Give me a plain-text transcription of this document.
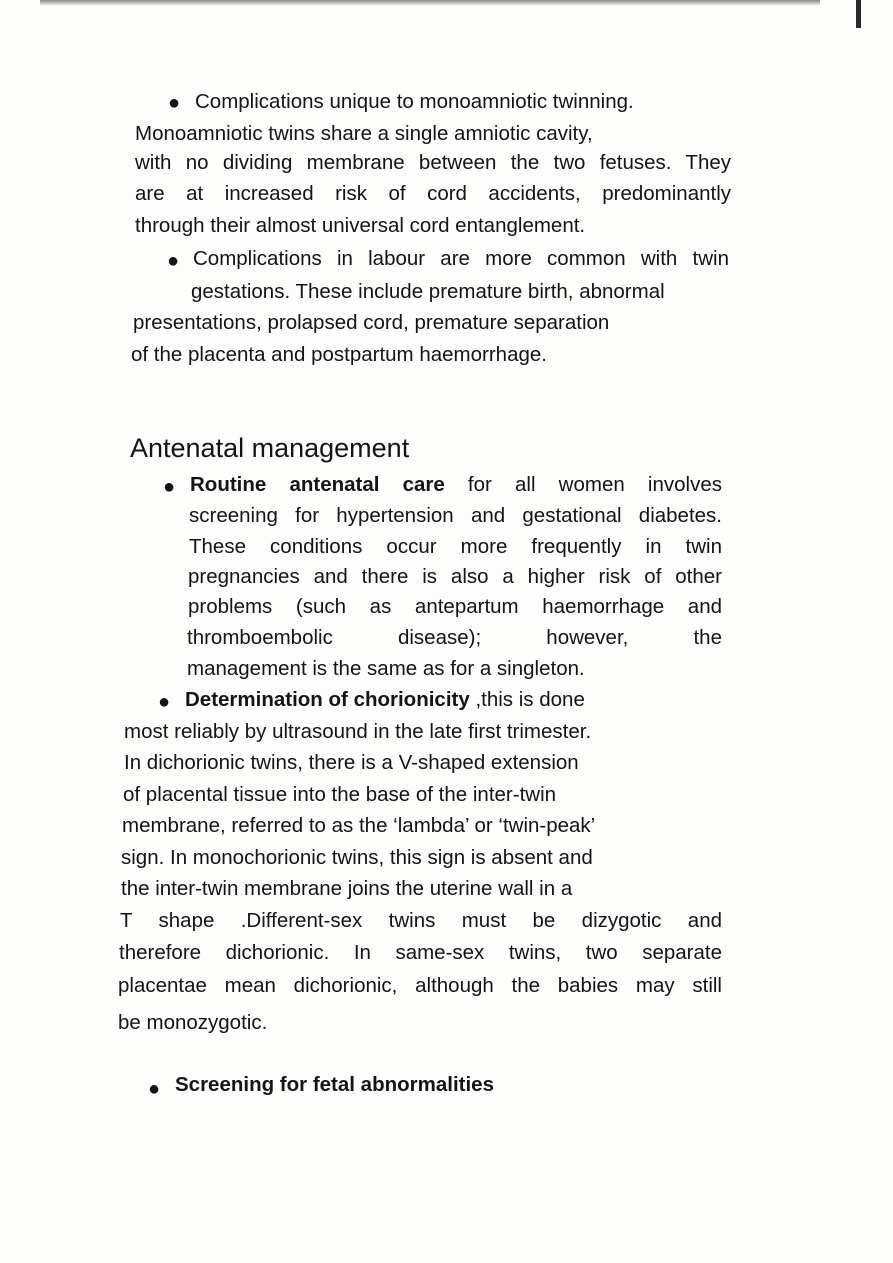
● Complications unique to monoamniotic twinning.

Monoamniotic twins share a single amniotic cavity,

with no dividing membrane between the two fetuses. They

are at increased risk of cord accidents, predominantly

through their almost universal cord entanglement.

● Complications in labour are more common with twin

gestations. These include premature birth, abnormal

presentations, prolapsed cord, premature separation

of the placenta and postpartum haemorrhage.

Antenatal management
● Routine antenatal care for all women involves

screening for hypertension and gestational diabetes.

These conditions occur more frequently in twin

pregnancies and there is also a higher risk of other

problems (such as antepartum haemorrhage and

thromboembolic disease); however, the

management is the same as for a singleton.

● Determination of chorionicity ,this is done

most reliably by ultrasound in the late first trimester.

In dichorionic twins, there is a V-shaped extension

of placental tissue into the base of the inter-twin

membrane, referred to as the ‘lambda’ or ‘twin-peak’

sign. In monochorionic twins, this sign is absent and

the inter-twin membrane joins the uterine wall in a

T shape .Different-sex twins must be dizygotic and

therefore dichorionic. In same-sex twins, two separate

placentae mean dichorionic, although the babies may still

be monozygotic.

● Screening for fetal abnormalities
